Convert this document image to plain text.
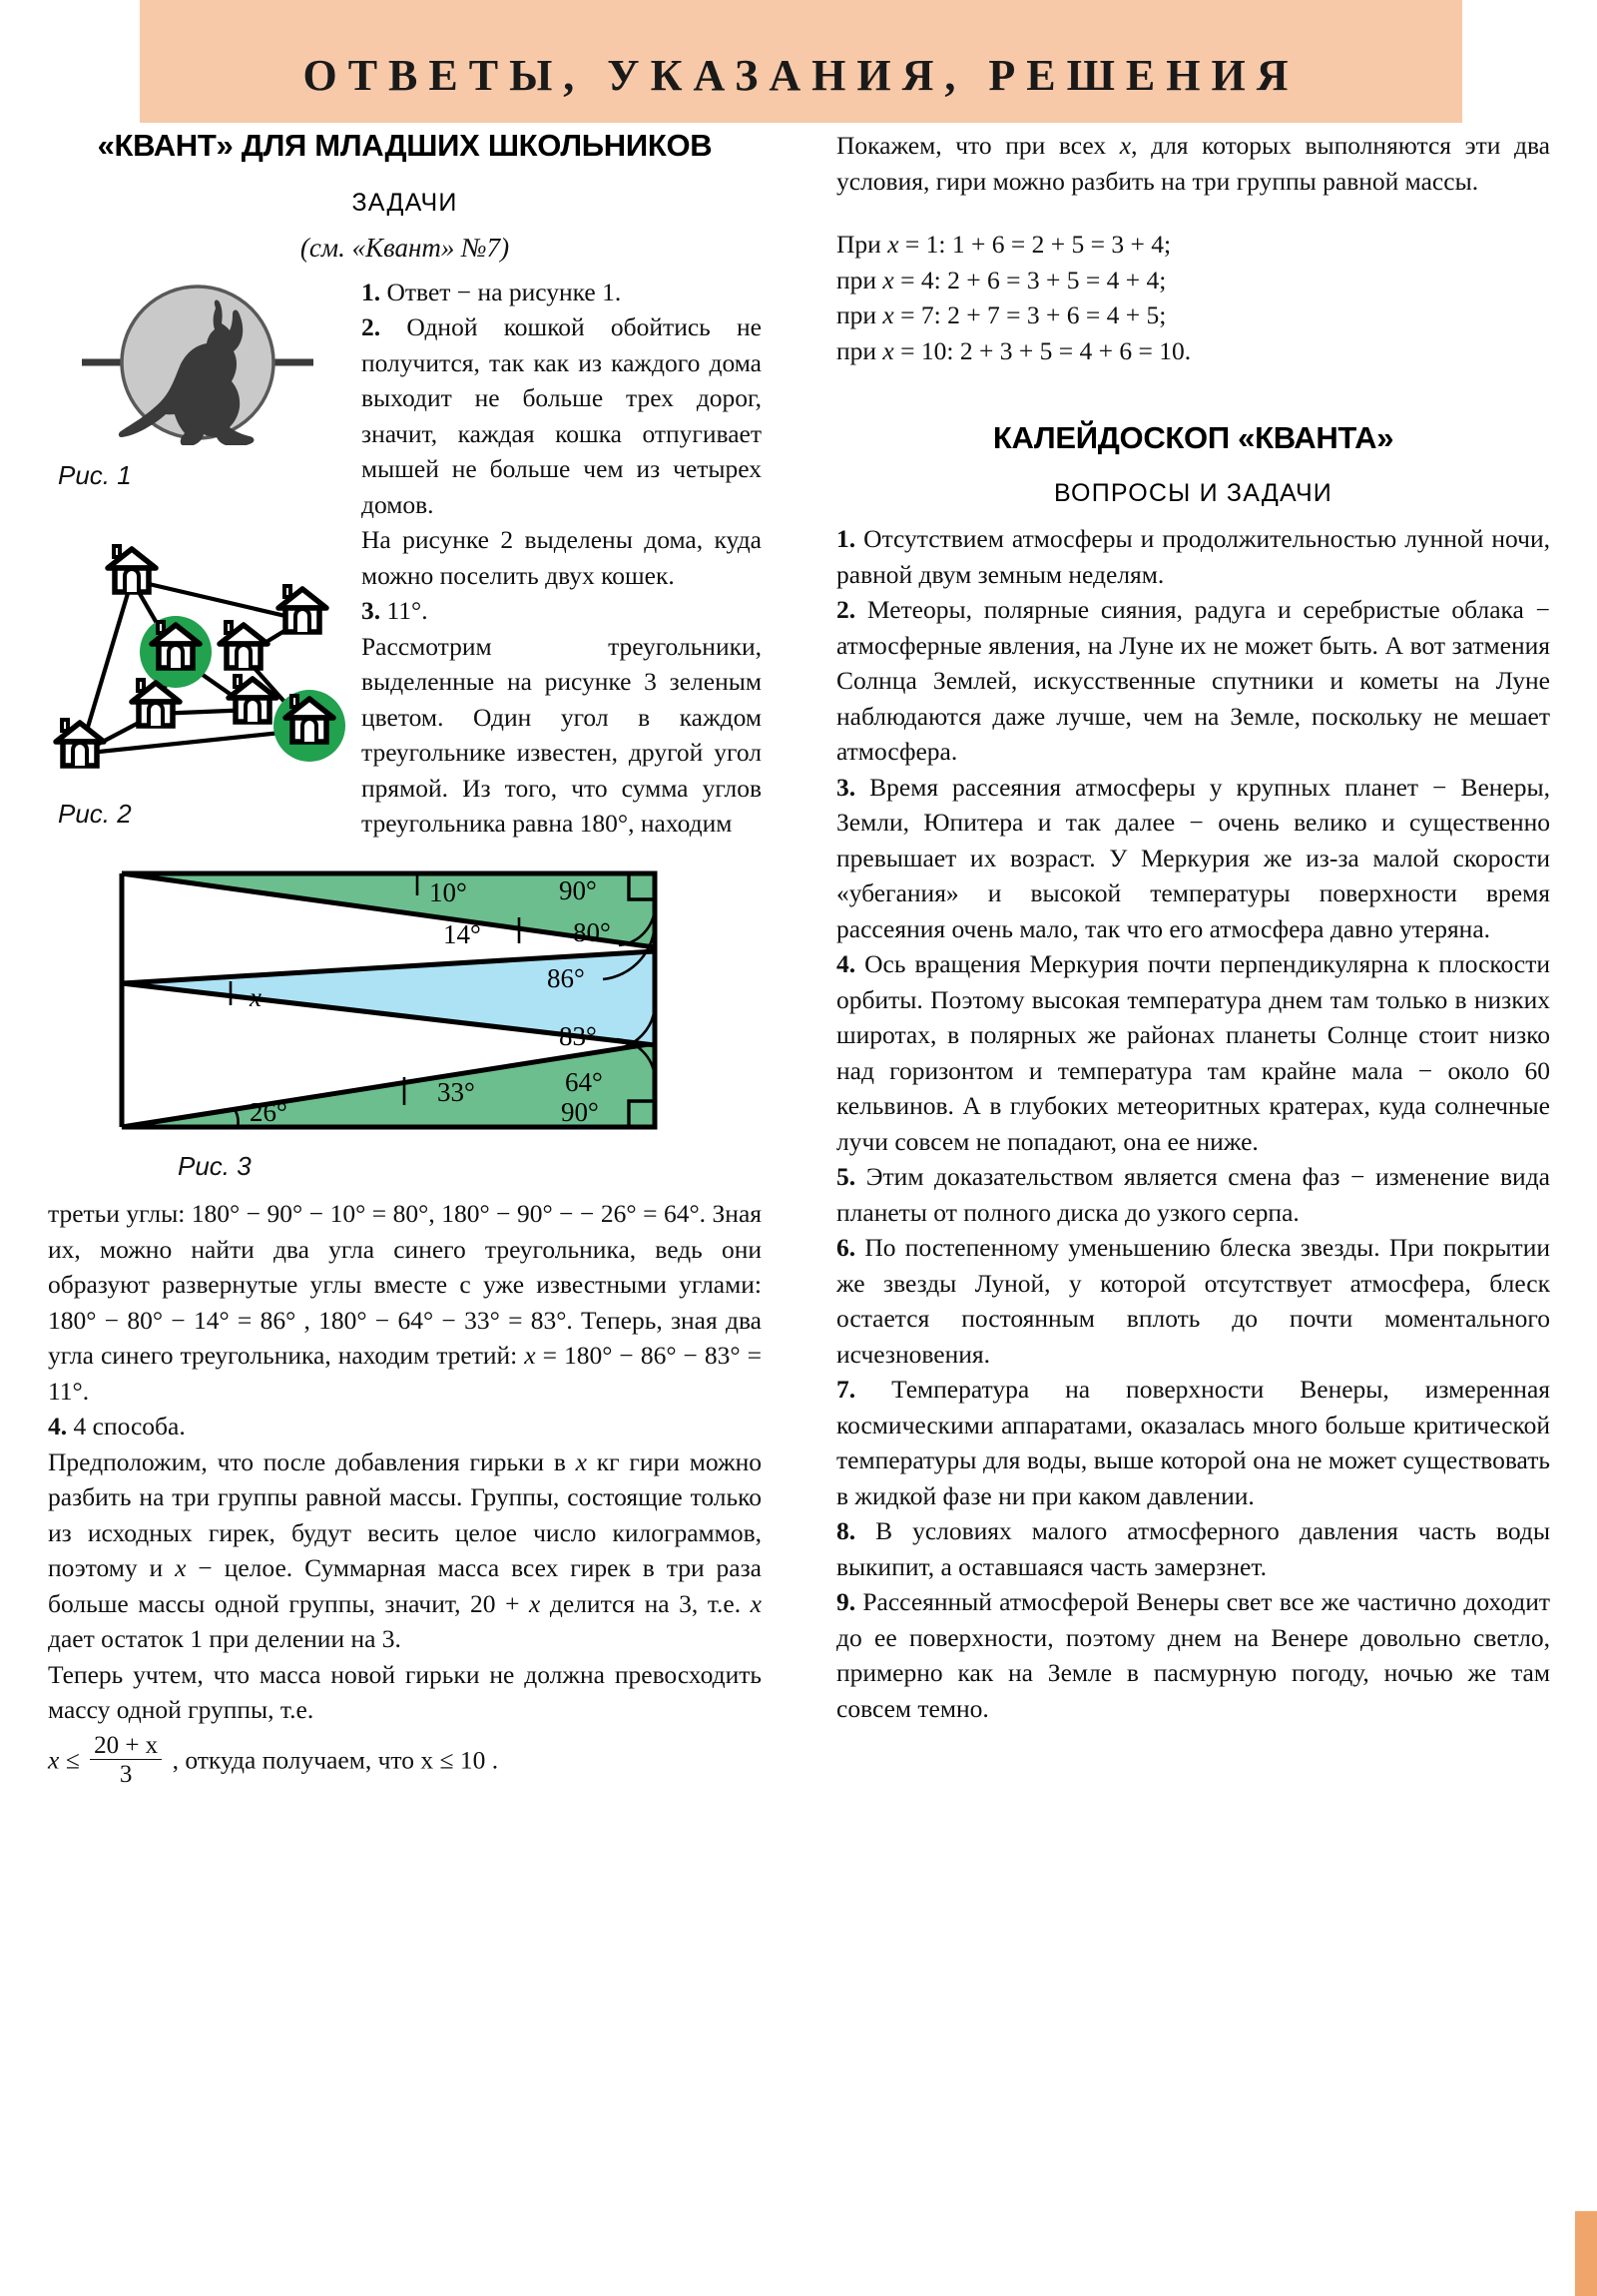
ОТВЕТЫ, УКАЗАНИЯ, РЕШЕНИЯ
«КВАНТ» ДЛЯ МЛАДШИХ ШКОЛЬНИКОВ
ЗАДАЧИ
(см. «Квант» №7)
Рис. 1

1. Ответ − на рисунке 1.

2. Одной кошкой обойтись не получится, так как из каждого дома выходит не больше трех дорог, значит, каждая кошка отпугивает мышей не больше чем из четырех домов.

Рис. 2

На рисунке 2 выделены дома, куда можно поселить двух кошек.

3. 11°.

Рассмотрим треугольники, выделенные на рисунке 3 зеленым цветом. Один угол в каждом треугольнике известен, другой угол прямой. Из того, что сумма углов треугольника равна 180°, находим

10°	90°
14°	80°
x
86°
83°
33°	64°
26°	90°
Рис. 3

третьи углы: 180° − 90° − 10° = 80°, 180° − 90° − − 26° = 64°. Зная их, можно найти два угла синего треугольника, ведь они образуют развернутые углы вместе с уже известными углами: 180° − 80° − 14° = 86° , 180° − 64° − 33° = 83°. Теперь, зная два угла синего треугольника, находим третий: x = 180° − 86° − 83° = 11°.

4. 4 способа.

Предположим, что после добавления гирьки в x кг гири можно разбить на три группы равной массы. Группы, состоящие только из исходных гирек, будут весить целое число килограммов, поэтому и x − целое. Суммарная масса всех гирек в три раза больше массы одной группы, значит, 20 + x делится на 3, т.е. x дает остаток 1 при делении на 3.

Теперь учтем, что масса новой гирьки не должна превосходить массу одной группы, т.е.

$x \le \frac{20 + x}{3}$ , откуда получаем, что x ≤ 10 .

Покажем, что при всех x, для которых выполняются эти два условия, гири можно разбить на три группы равной массы.

При x = 1: 1 + 6 = 2 + 5 = 3 + 4;

при x = 4: 2 + 6 = 3 + 5 = 4 + 4;

при x = 7: 2 + 7 = 3 + 6 = 4 + 5;

при x = 10: 2 + 3 + 5 = 4 + 6 = 10.

КАЛЕЙДОСКОП «КВАНТА»
ВОПРОСЫ И ЗАДАЧИ

1. Отсутствием атмосферы и продолжительностью лунной ночи, равной двум земным неделям.

2. Метеоры, полярные сияния, радуга и серебристые облака − атмосферные явления, на Луне их не может быть. А вот затмения Солнца Землей, искусственные спутники и кометы на Луне наблюдаются даже лучше, чем на Земле, поскольку не мешает атмосфера.

3. Время рассеяния атмосферы у крупных планет − Венеры, Земли, Юпитера и так далее − очень велико и существенно превышает их возраст. У Меркурия же из-за малой скорости «убегания» и высокой температуры поверхности время рассеяния очень мало, так что его атмосфера давно утеряна.

4. Ось вращения Меркурия почти перпендикулярна к плоскости орбиты. Поэтому высокая температура днем там только в низких широтах, в полярных же районах планеты Солнце стоит низко над горизонтом и температура там крайне мала − около 60 кельвинов. А в глубоких метеоритных кратерах, куда солнечные лучи совсем не попадают, она ее ниже.

5. Этим доказательством является смена фаз − изменение вида планеты от полного диска до узкого серпа.

6. По постепенному уменьшению блеска звезды. При покрытии же звезды Луной, у которой отсутствует атмосфера, блеск остается постоянным вплоть до почти моментального исчезновения.

7. Температура на поверхности Венеры, измеренная космическими аппаратами, оказалась много больше критической температуры для воды, выше которой она не может существовать в жидкой фазе ни при каком давлении.

8. В условиях малого атмосферного давления часть воды выкипит, а оставшаяся часть замерзнет.

9. Рассеянный атмосферой Венеры свет все же частично доходит до ее поверхности, поэтому днем на Венере довольно светло, примерно как на Земле в пасмурную погоду, ночью же там совсем темно.
